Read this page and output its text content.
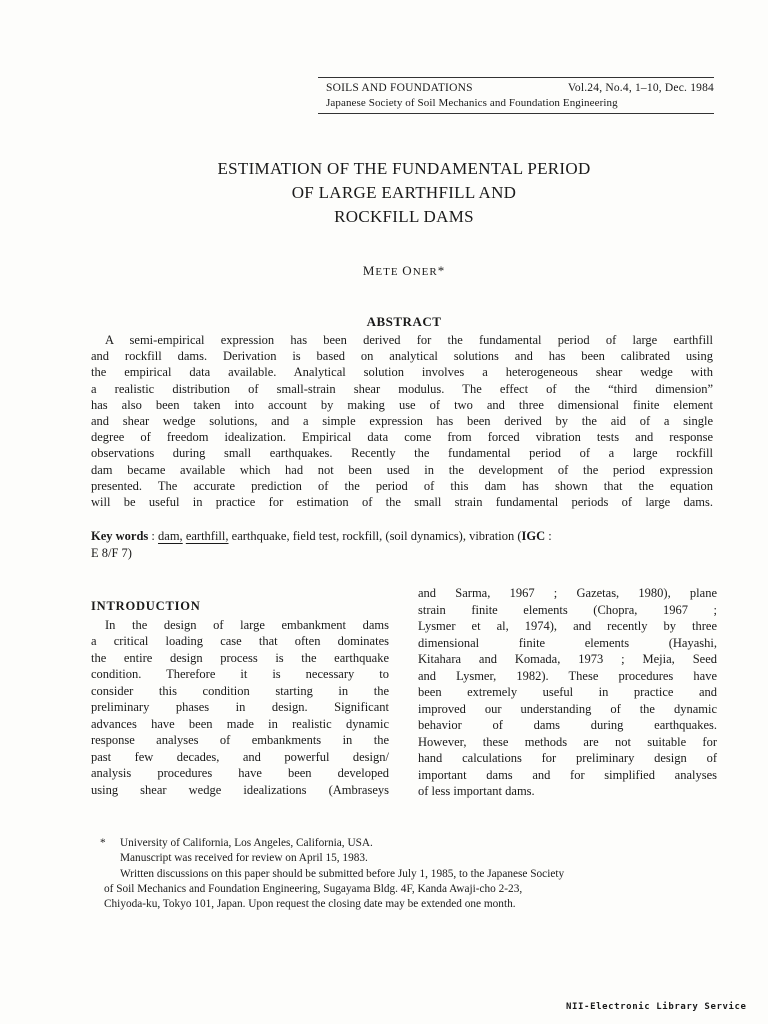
SOILS AND FOUNDATIONS	Vol.24, No.4, 1–10, Dec. 1984
Japanese Society of Soil Mechanics and Foundation Engineering
ESTIMATION OF THE FUNDAMENTAL PERIOD
OF LARGE EARTHFILL AND
ROCKFILL DAMS
METE ONER*
ABSTRACT
A semi-empirical expression has been derived for the fundamental period of large earthfill
and rockfill dams. Derivation is based on analytical solutions and has been calibrated using
the empirical data available. Analytical solution involves a heterogeneous shear wedge with
a realistic distribution of small-strain shear modulus. The effect of the “third dimension”
has also been taken into account by making use of two and three dimensional finite element
and shear wedge solutions, and a simple expression has been derived by the aid of a single
degree of freedom idealization. Empirical data come from forced vibration tests and response
observations during small earthquakes. Recently the fundamental period of a large rockfill
dam became available which had not been used in the development of the period expression
presented. The accurate prediction of the period of this dam has shown that the equation
will be useful in practice for estimation of the small strain fundamental periods of large dams.
Key words : dam, earthfill, earthquake, field test, rockfill, (soil dynamics), vibration (IGC :
E 8/F 7)
INTRODUCTION
In the design of large embankment dams
a critical loading case that often dominates
the entire design process is the earthquake
condition. Therefore it is necessary to
consider this condition starting in the
preliminary phases in design. Significant
advances have been made in realistic dynamic
response analyses of embankments in the
past few decades, and powerful design/
analysis procedures have been developed
using shear wedge idealizations (Ambraseys
and Sarma, 1967 ; Gazetas, 1980), plane
strain finite elements (Chopra, 1967 ;
Lysmer et al, 1974), and recently by three
dimensional finite elements (Hayashi,
Kitahara and Komada, 1973 ; Mejia, Seed
and Lysmer, 1982). These procedures have
been extremely useful in practice and
improved our understanding of the dynamic
behavior of dams during earthquakes.
However, these methods are not suitable for
hand calculations for preliminary design of
important dams and for simplified analyses
of less important dams.
*	University of California, Los Angeles, California, USA.
Manuscript was received for review on April 15, 1983.
Written discussions on this paper should be submitted before July 1, 1985, to the Japanese Society
of Soil Mechanics and Foundation Engineering, Sugayama Bldg. 4F, Kanda Awaji-cho 2-23,
Chiyoda-ku, Tokyo 101, Japan. Upon request the closing date may be extended one month.
NII-Electronic Library Service
